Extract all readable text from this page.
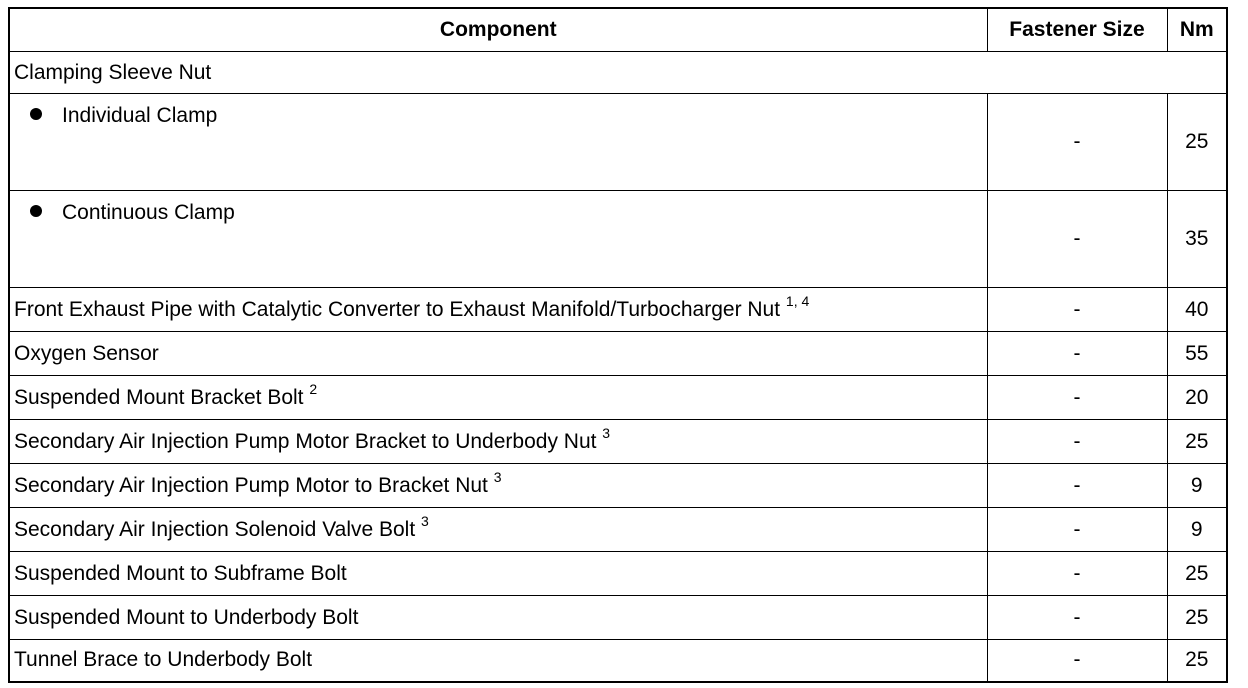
Component	Fastener Size	Nm
Clamping Sleeve Nut		
Individual Clamp	-	25
Continuous Clamp	-	35
Front Exhaust Pipe with Catalytic Converter to Exhaust Manifold/Turbocharger Nut $^{1, 4}$	-	40
Oxygen Sensor	-	55
Suspended Mount Bracket Bolt $^2$	-	20
Secondary Air Injection Pump Motor Bracket to Underbody Nut $^3$	-	25
Secondary Air Injection Pump Motor to Bracket Nut $^3$	-	9
Secondary Air Injection Solenoid Valve Bolt $^3$	-	9
Suspended Mount to Subframe Bolt	-	25
Suspended Mount to Underbody Bolt	-	25
Tunnel Brace to Underbody Bolt	-	25
